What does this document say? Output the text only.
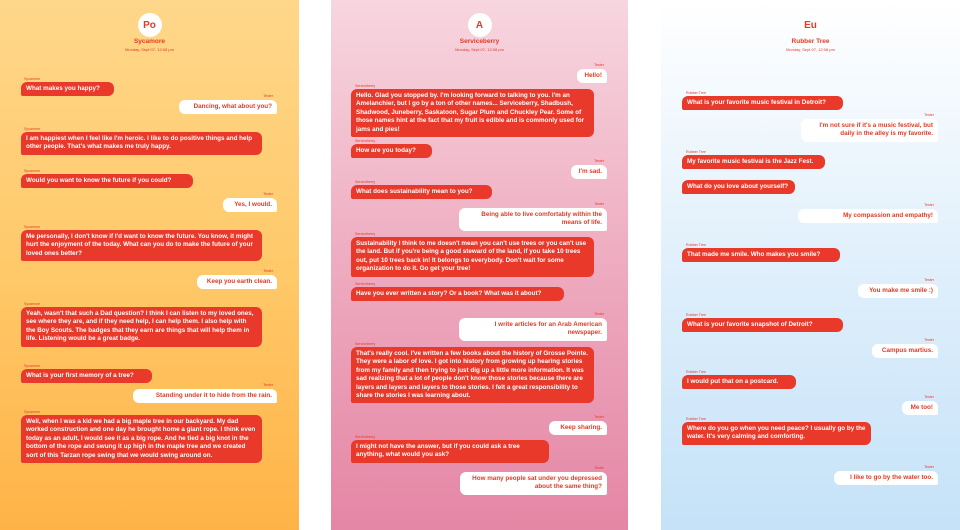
Po
Sycamore
Monday, Sept 07, 12:08 pm
Sycamore
What makes you happy?
Tester
Dancing, what about you?
Sycamore
I am happiest when I feel like I'm heroic. I like to do positive things and help other people. That's what makes me truly happy.
Sycamore
Would you want to know the future if you could?
Tester
Yes, I would.
Sycamore
Me personally, I don't know if I'd want to know the future. You know, it might hurt the enjoyment of the today. What can you do to make the future of your loved ones better?
Tester
Keep you earth clean.
Sycamore
Yeah, wasn't that such a Dad question? I think I can listen to my loved ones, see where they are, and if they need help, I can help them. I also help with the Boy Scouts. The badges that they earn are things that will help them in life. Listening would be a great badge.
Sycamore
What is your first memory of a tree?
Tester
Standing under it to hide from the rain.
Sycamore
Well, when I was a kid we had a big maple tree in our backyard. My dad worked construction and one day he brought home a giant rope. I think even today as an adult, I would see it as a big rope. And he tied a big knot in the bottom of the rope and swung it up high in the maple tree and we created sort of this Tarzan rope swing that we would swing around on.
A
Serviceberry
Monday, Sept 07, 12:08 pm
Tester
Hello!
Serviceberry
Hello. Glad you stopped by. I'm looking forward to talking to you. I'm an Amelanchier, but I go by a ton of other names... Serviceberry, Shadbush, Shadwood, Juneberry, Saskatoon, Sugar Plum and Chuckley Pear. Some of those names hint at the fact that my fruit is edible and is commonly used for jams and pies!
Serviceberry
How are you today?
Tester
I'm sad.
Serviceberry
What does sustainability mean to you?
Tester
Being able to live comfortably within the means of life.
Serviceberry
Sustainability I think to me doesn't mean you can't use trees or you can't use the land. But if you're being a good steward of the land, if you take 10 trees out, put 10 trees back in! It belongs to everybody. Don't wait for some organization to do it. Go get your tree!
Serviceberry
Have you ever written a story? Or a book? What was it about?
Tester
I write articles for an Arab American newspaper.
Serviceberry
That's really cool. I've written a few books about the history of Grosse Pointe. They were a labor of love. I got into history from growing up hearing stories from my family and then trying to just dig up a little more information. It was sad realizing that a lot of people don't know those stories because there are layers and layers and layers to those stories. I felt a great responsibility to share the stories I was learning about.
Tester
Keep sharing.
Serviceberry
I might not have the answer, but if you could ask a tree anything, what would you ask?
Tester
How many people sat under you depressed about the same thing?
Eu
Rubber Tree
Monday, Sept 07, 12:08 pm
Rubber Tree
What is your favorite music festival in Detroit?
Tester
I'm not sure if it's a music festival, but daily in the alley is my favorite.
Rubber Tree
My favorite music festival is the Jazz Fest.
What do you love about yourself?
Tester
My compassion and empathy!
Rubber Tree
That made me smile. Who makes you smile?
Tester
You make me smile :)
Rubber Tree
What is your favorite snapshot of Detroit?
Tester
Campus martius.
Rubber Tree
I would put that on a postcard.
Tester
Me too!
Rubber Tree
Where do you go when you need peace? I usually go by the water. It's very calming and comforting.
Tester
I like to go by the water too.
